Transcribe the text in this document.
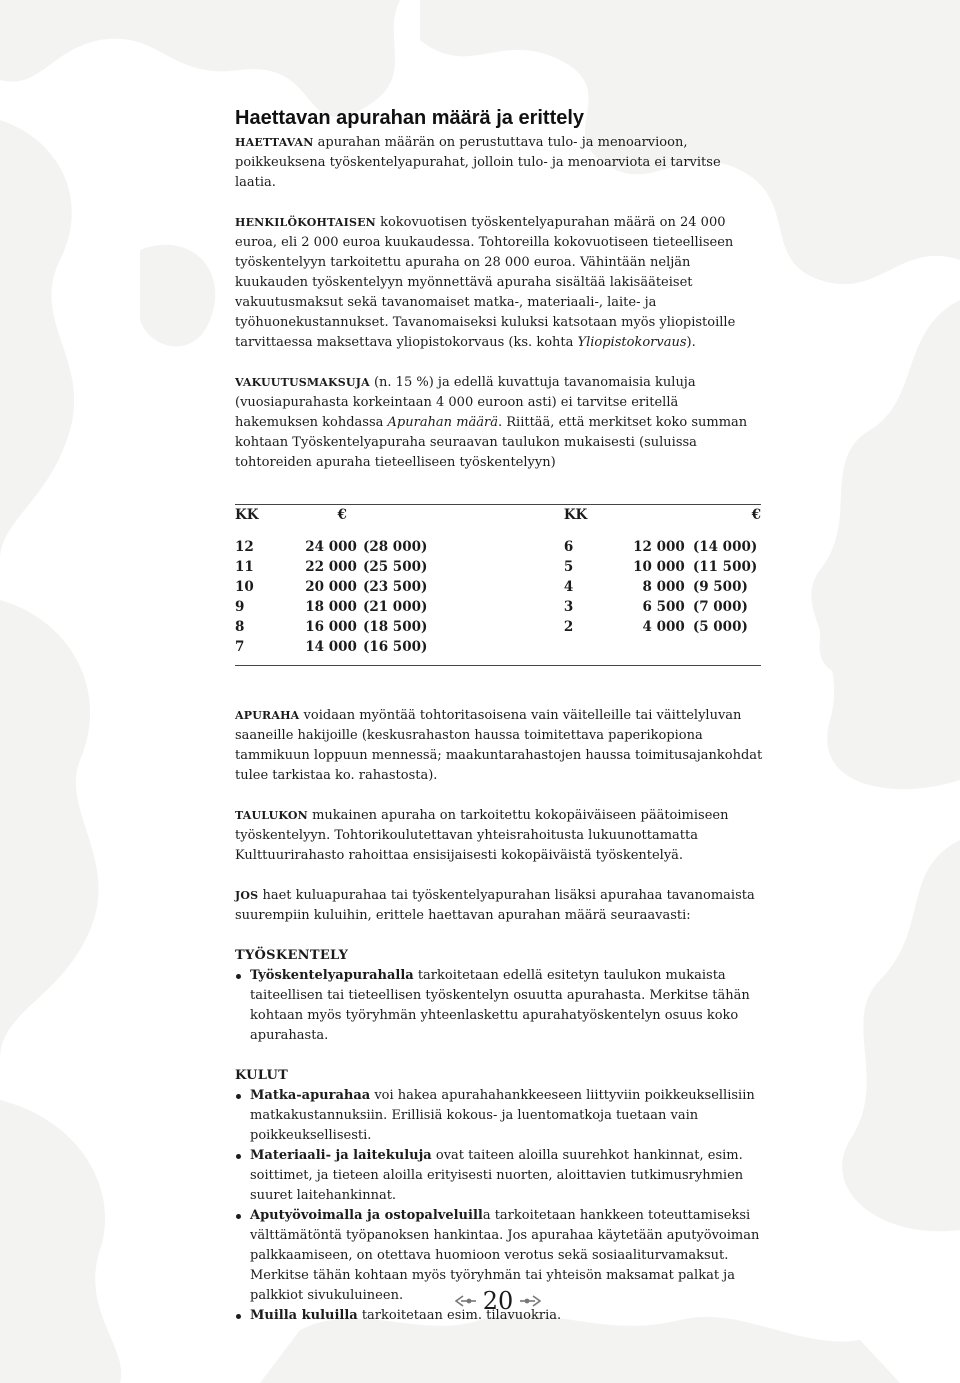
Haettavan apurahan määrä ja erittely

HAETTAVAN apurahan määrän on perustuttava tulo- ja menoarvioon, poikkeuksena työskentelyapurahat, jolloin tulo- ja menoarviota ei tarvitse laatia.

HENKILÖKOHTAISEN kokovuotisen työskentelyapurahan määrä on 24 000 euroa, eli 2 000 euroa kuukaudessa. Tohtoreilla kokovuotiseen tieteelliseen työskentelyyn tarkoitettu apuraha on 28 000 euroa. Vähintään neljän kuukauden työskentelyyn myönnettävä apuraha sisältää lakisääteiset vakuutusmaksut sekä tavanomaiset matka-, materiaali-, laite- ja työhuonekustannukset. Tavanomaiseksi kuluksi katsotaan myös yliopistoille tarvittaessa maksettava yliopistokorvaus (ks. kohta Yliopistokorvaus).

VAKUUTUSMAKSUJA (n. 15 %) ja edellä kuvattuja tavanomaisia kuluja (vuosiapurahasta korkeintaan 4 000 euroon asti) ei tarvitse eritellä hakemuksen kohdassa Apurahan määrä. Riittää, että merkitset koko summan kohtaan Työskentelyapuraha seuraavan taulukon mukaisesti (suluissa tohtoreiden apuraha tieteelliseen työskentelyyn)

KK	€		KK	€	
12	24 000	(28 000)	6	12 000	(14 000)
11	22 000	(25 500)	5	10 000	(11 500)
10	20 000	(23 500)	4	8 000	(9 500)
9	18 000	(21 000)	3	6 500	(7 000)
8	16 000	(18 500)	2	4 000	(5 000)
7	14 000	(16 500)			

APURAHA voidaan myöntää tohtoritasoisena vain väitelleille tai väittelyluvan saaneille hakijoille (keskusrahaston haussa toimitettava paperikopiona tammikuun loppuun mennessä; maakuntarahastojen haussa toimitusajankohdat tulee tarkistaa ko. rahastosta).

TAULUKON mukainen apuraha on tarkoitettu kokopäiväiseen päätoimiseen työskentelyyn. Tohtorikoulutettavan yhteisrahoitusta lukuunottamatta Kulttuurirahasto rahoittaa ensisijaisesti kokopäiväistä työskentelyä.

JOS haet kuluapurahaa tai työskentelyapurahan lisäksi apurahaa tavanomaista suurempiin kuluihin, erittele haettavan apurahan määrä seuraavasti:

TYÖSKENTELY
Työskentelyapurahalla tarkoitetaan edellä esitetyn taulukon mukaista taiteellisen tai tieteellisen työskentelyn osuutta apurahasta. Merkitse tähän kohtaan myös työryhmän yhteenlaskettu apurahatyöskentelyn osuus koko apurahasta.
KULUT
Matka-apurahaa voi hakea apurahahankkeeseen liittyviin poikkeuksellisiin matkakustannuksiin. Erillisiä kokous- ja luentomatkoja tuetaan vain poikkeuksellisesti.
Materiaali- ja laitekuluja ovat taiteen aloilla suurehkot hankinnat, esim. soittimet, ja tieteen aloilla erityisesti nuorten, aloittavien tutkimusryhmien suuret laitehankinnat.
Aputyövoimalla ja ostopalveluilla tarkoitetaan hankkeen toteuttamiseksi välttämätöntä työpanoksen hankintaa. Jos apurahaa käytetään aputyövoiman palkkaamiseen, on otettava huomioon verotus sekä sosiaaliturvamaksut. Merkitse tähän kohtaan myös työryhmän tai yhteisön maksamat palkat ja palkkiot sivukuluineen.
Muilla kuluilla tarkoitetaan esim. tilavuokria.
20
